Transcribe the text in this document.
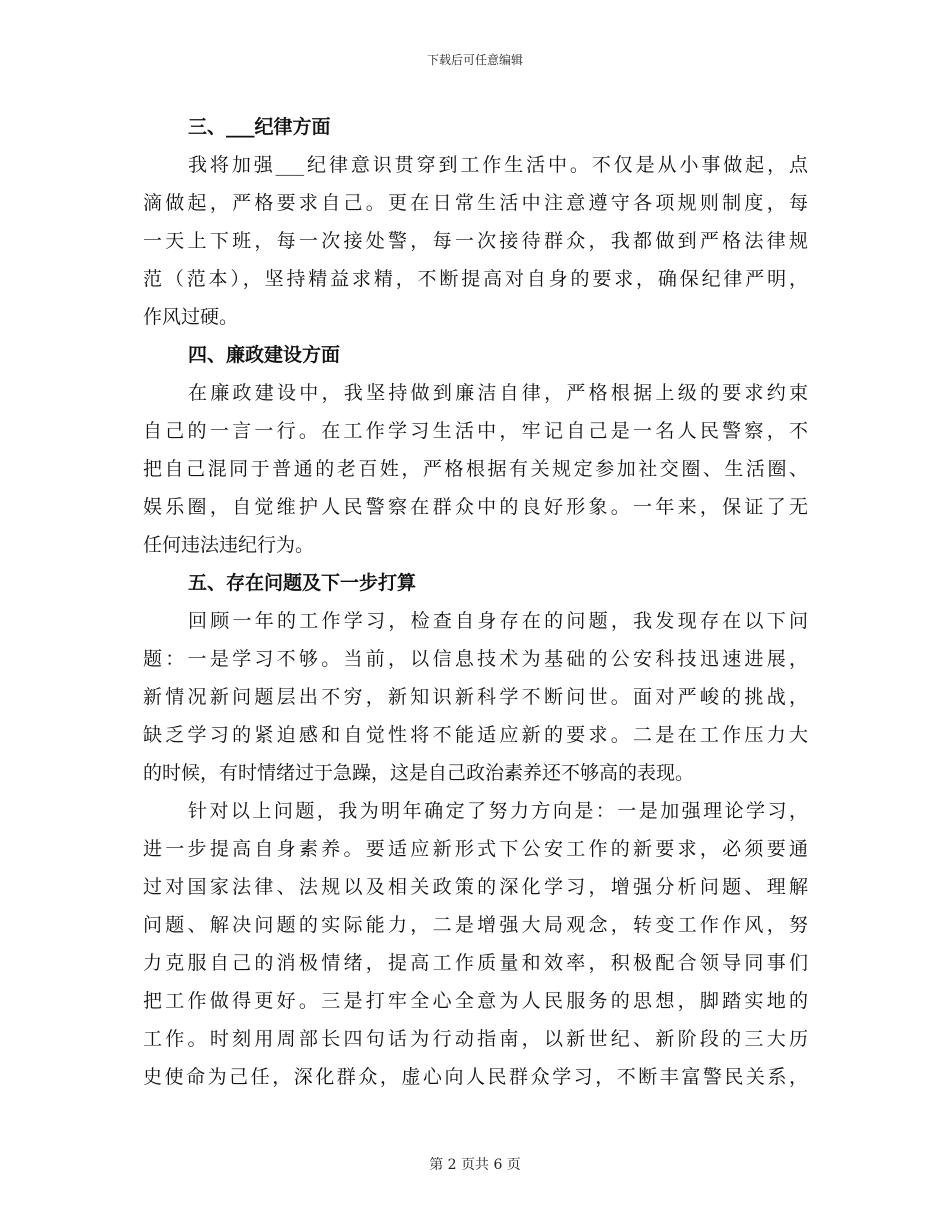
下载后可任意编辑
三、___纪律方面
我将加强___纪律意识贯穿到工作生活中。不仅是从小事做起，点
滴做起，严格要求自己。更在日常生活中注意遵守各项规则制度，每
一天上下班，每一次接处警，每一次接待群众，我都做到严格法律规
范（范本），坚持精益求精，不断提高对自身的要求，确保纪律严明，
作风过硬。
四、廉政建设方面
在廉政建设中，我坚持做到廉洁自律，严格根据上级的要求约束
自己的一言一行。在工作学习生活中，牢记自己是一名人民警察，不
把自己混同于普通的老百姓，严格根据有关规定参加社交圈、生活圈、
娱乐圈，自觉维护人民警察在群众中的良好形象。一年来，保证了无
任何违法违纪行为。
五、存在问题及下一步打算
回顾一年的工作学习，检查自身存在的问题，我发现存在以下问
题：一是学习不够。当前，以信息技术为基础的公安科技迅速进展，
新情况新问题层出不穷，新知识新科学不断问世。面对严峻的挑战，
缺乏学习的紧迫感和自觉性将不能适应新的要求。二是在工作压力大
的时候，有时情绪过于急躁，这是自己政治素养还不够高的表现。
针对以上问题，我为明年确定了努力方向是：一是加强理论学习，
进一步提高自身素养。要适应新形式下公安工作的新要求，必须要通
过对国家法律、法规以及相关政策的深化学习，增强分析问题、理解
问题、解决问题的实际能力，二是增强大局观念，转变工作作风，努
力克服自己的消极情绪，提高工作质量和效率，积极配合领导同事们
把工作做得更好。三是打牢全心全意为人民服务的思想，脚踏实地的
工作。时刻用周部长四句话为行动指南，以新世纪、新阶段的三大历
史使命为己任，深化群众，虚心向人民群众学习，不断丰富警民关系，
第 2 页共 6 页
